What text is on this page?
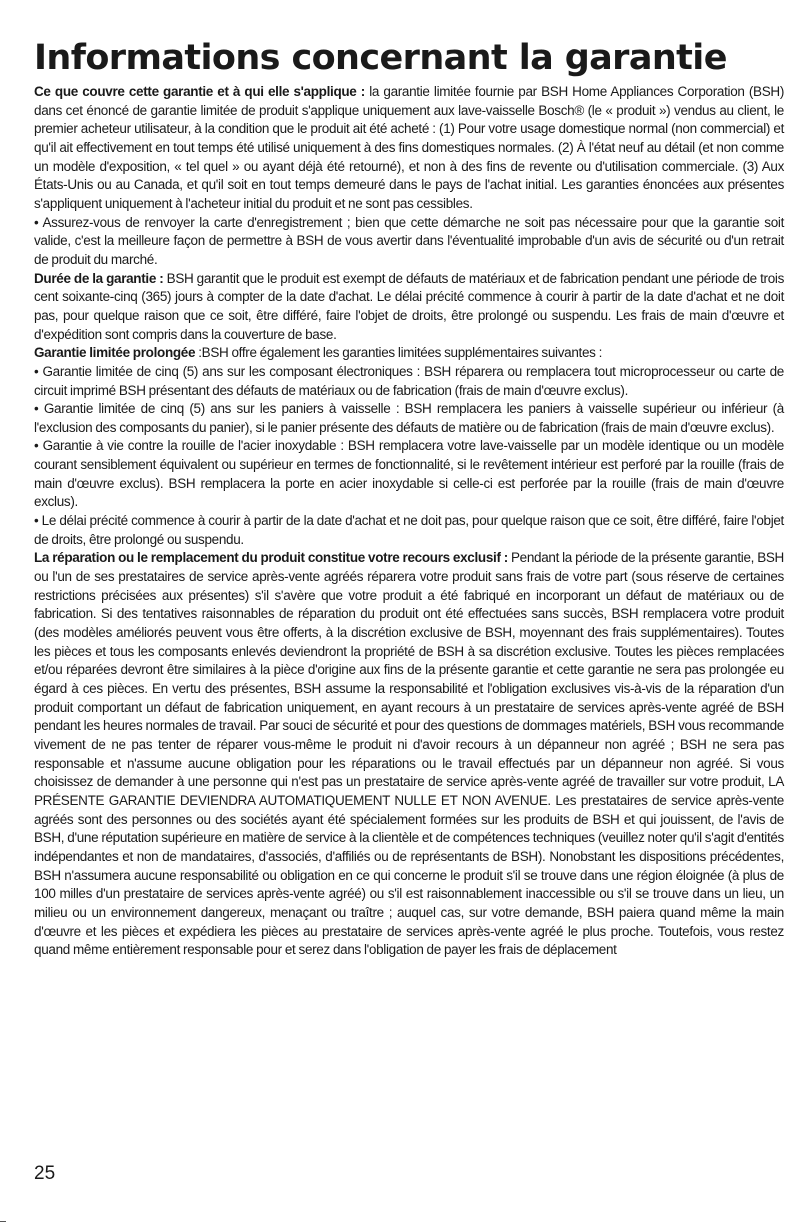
Informations concernant la garantie

Ce que couvre cette garantie et à qui elle s'applique : la garantie limitée fournie par BSH Home Appliances Corporation (BSH) dans cet énoncé de garantie limitée de produit s'applique uniquement aux lave-vaisselle Bosch® (le « produit ») vendus au client, le premier acheteur utilisateur, à la condition que le produit ait été acheté : (1) Pour votre usage domestique normal (non commercial) et qu'il ait effectivement en tout temps été utilisé uniquement à des fins domestiques normales. (2) À l'état neuf au détail (et non comme un modèle d'exposition, « tel quel » ou ayant déjà été retourné), et non à des fins de revente ou d'utilisation commerciale. (3) Aux États-Unis ou au Canada, et qu'il soit en tout temps demeuré dans le pays de l'achat initial. Les garanties énoncées aux présentes s'appliquent uniquement à l'acheteur initial du produit et ne sont pas cessibles.

• Assurez-vous de renvoyer la carte d'enregistrement ; bien que cette démarche ne soit pas nécessaire pour que la garantie soit valide, c'est la meilleure façon de permettre à BSH de vous avertir dans l'éventualité improbable d'un avis de sécurité ou d'un retrait de produit du marché.

Durée de la garantie : BSH garantit que le produit est exempt de défauts de matériaux et de fabrication pendant une période de trois cent soixante-cinq (365) jours à compter de la date d'achat. Le délai précité commence à courir à partir de la date d'achat et ne doit pas, pour quelque raison que ce soit, être différé, faire l'objet de droits, être prolongé ou suspendu. Les frais de main d'œuvre et d'expédition sont compris dans la couverture de base.

Garantie limitée prolongée :BSH offre également les garanties limitées supplémentaires suivantes :

• Garantie limitée de cinq (5) ans sur les composant électroniques : BSH réparera ou remplacera tout microprocesseur ou carte de circuit imprimé BSH présentant des défauts de matériaux ou de fabrication (frais de main d'œuvre exclus).

• Garantie limitée de cinq (5) ans sur les paniers à vaisselle : BSH remplacera les paniers à vaisselle supérieur ou inférieur (à l'exclusion des composants du panier), si le panier présente des défauts de matière ou de fabrication (frais de main d'œuvre exclus).

• Garantie à vie contre la rouille de l'acier inoxydable : BSH remplacera votre lave-vaisselle par un modèle identique ou un modèle courant sensiblement équivalent ou supérieur en termes de fonctionnalité, si le revêtement intérieur est perforé par la rouille (frais de main d'œuvre exclus). BSH remplacera la porte en acier inoxydable si celle-ci est perforée par la rouille (frais de main d'œuvre exclus).

• Le délai précité commence à courir à partir de la date d'achat et ne doit pas, pour quelque raison que ce soit, être différé, faire l'objet de droits, être prolongé ou suspendu.

La réparation ou le remplacement du produit constitue votre recours exclusif : Pendant la période de la présente garantie, BSH ou l'un de ses prestataires de service après-vente agréés réparera votre produit sans frais de votre part (sous réserve de certaines restrictions précisées aux présentes) s'il s'avère que votre produit a été fabriqué en incorporant un défaut de matériaux ou de fabrication. Si des tentatives raisonnables de réparation du produit ont été effectuées sans succès, BSH remplacera votre produit (des modèles améliorés peuvent vous être offerts, à la discrétion exclusive de BSH, moyennant des frais supplémentaires). Toutes les pièces et tous les composants enlevés deviendront la propriété de BSH à sa discrétion exclusive. Toutes les pièces remplacées et/ou réparées devront être similaires à la pièce d'origine aux fins de la présente garantie et cette garantie ne sera pas prolongée eu égard à ces pièces. En vertu des présentes, BSH assume la responsabilité et l'obligation exclusives vis-à-vis de la réparation d'un produit comportant un défaut de fabrication uniquement, en ayant recours à un prestataire de services après-vente agréé de BSH pendant les heures normales de travail. Par souci de sécurité et pour des questions de dommages matériels, BSH vous recommande vivement de ne pas tenter de réparer vous-même le produit ni d'avoir recours à un dépanneur non agréé ; BSH ne sera pas responsable et n'assume aucune obligation pour les réparations ou le travail effectués par un dépanneur non agréé. Si vous choisissez de demander à une personne qui n'est pas un prestataire de service après-vente agréé de travailler sur votre produit, LA PRÉSENTE GARANTIE DEVIENDRA AUTOMATIQUEMENT NULLE ET NON AVENUE. Les prestataires de service après-vente agréés sont des personnes ou des sociétés ayant été spécialement formées sur les produits de BSH et qui jouissent, de l'avis de BSH, d'une réputation supérieure en matière de service à la clientèle et de compétences techniques (veuillez noter qu'il s'agit d'entités indépendantes et non de mandataires, d'associés, d'affiliés ou de représentants de BSH). Nonobstant les dispositions précédentes, BSH n'assumera aucune responsabilité ou obligation en ce qui concerne le produit s'il se trouve dans une région éloignée (à plus de 100 milles d'un prestataire de services après-vente agréé) ou s'il est raisonnablement inaccessible ou s'il se trouve dans un lieu, un milieu ou un environnement dangereux, menaçant ou traître ; auquel cas, sur votre demande, BSH paiera quand même la main d'œuvre et les pièces et expédiera les pièces au prestataire de services après-vente agréé le plus proche. Toutefois, vous restez quand même entièrement responsable pour et serez dans l'obligation de payer les frais de déplacement

25
